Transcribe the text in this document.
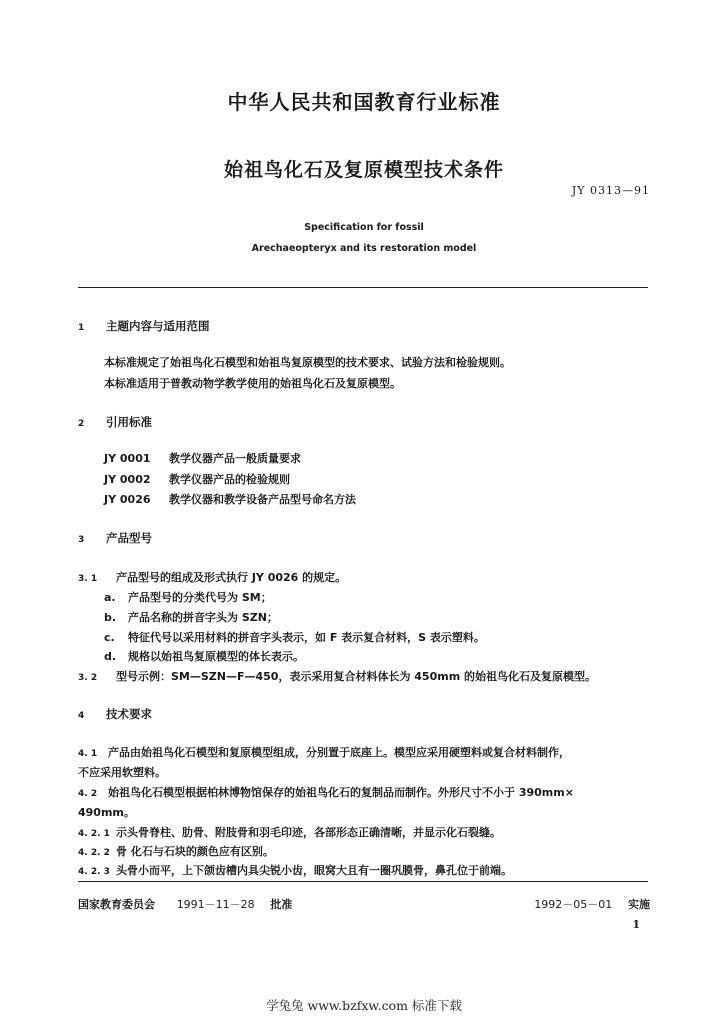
中华人民共和国教育行业标准
始祖鸟化石及复原模型技术条件
JY 0313—91
Specification for fossil
Arechaeopteryx and its restoration model
1 主题内容与适用范围
本标准规定了始祖鸟化石模型和始祖鸟复原模型的技术要求、试验方法和检验规则。
本标准适用于普教动物学教学使用的始祖鸟化石及复原模型。
2 引用标准
JY 0001 教学仪器产品一般质量要求
JY 0002 教学仪器产品的检验规则
JY 0026 教学仪器和教学设备产品型号命名方法
3 产品型号
3. 1 产品型号的组成及形式执行 JY 0026 的规定。
a. 产品型号的分类代号为 SM；
b. 产品名称的拼音字头为 SZN；
c. 特征代号以采用材料的拼音字头表示，如 F 表示复合材料，S 表示塑料。
d. 规格以始祖鸟复原模型的体长表示。
3. 2 型号示例：SM—SZN—F—450，表示采用复合材料体长为 450mm 的始祖鸟化石及复原模型。
4 技术要求
4. 1 产品由始祖鸟化石模型和复原模型组成，分别置于底座上。模型应采用硬塑料或复合材料制作，
不应采用软塑料。
4. 2 始祖鸟化石模型根据柏林博物馆保存的始祖鸟化石的复制品而制作。外形尺寸不小于 390mm×
490mm。
4. 2. 1 示头骨脊柱、肋骨、附肢骨和羽毛印迹，各部形态正确清晰，并显示化石裂缝。
4. 2. 2 骨 化石与石块的颜色应有区别。
4. 2. 3 头骨小而平，上下颌齿槽内具尖锐小齿，眼窝大且有一圈巩膜骨，鼻孔位于前端。
国家教育委员会 1991－11－28 批准	1992－05－01 实施
1
学兔兔 www.bzfxw.com 标准下载
